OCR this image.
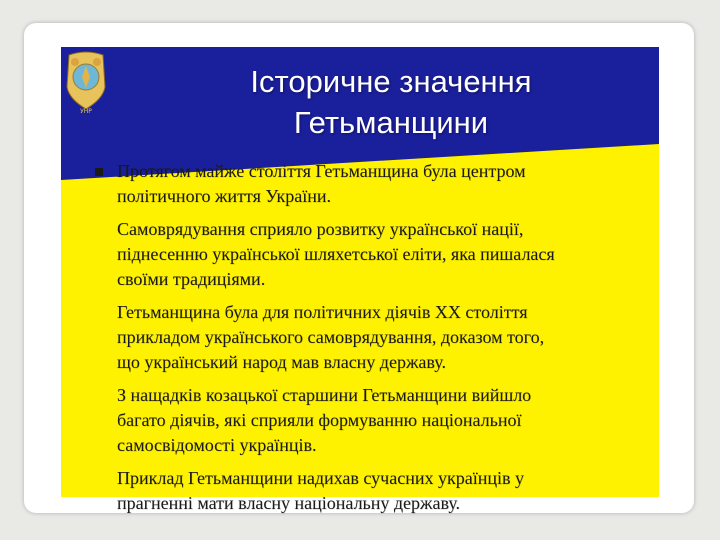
УНР
Історичне значення
Гетьманщини
Протягом майже століття Гетьманщина була центром
політичного життя України.
Самоврядування сприяло розвитку української нації,
піднесенню української шляхетської еліти, яка пишалася
своїми традиціями.
Гетьманщина була для політичних діячів ХХ століття
прикладом українського самоврядування, доказом того,
що український народ мав власну державу.
З нащадків козацької старшини Гетьманщини вийшло
багато діячів, які сприяли формуванню національної
самосвідомості українців.
Приклад Гетьманщини надихав сучасних українців у
прагненні мати власну національну державу.
